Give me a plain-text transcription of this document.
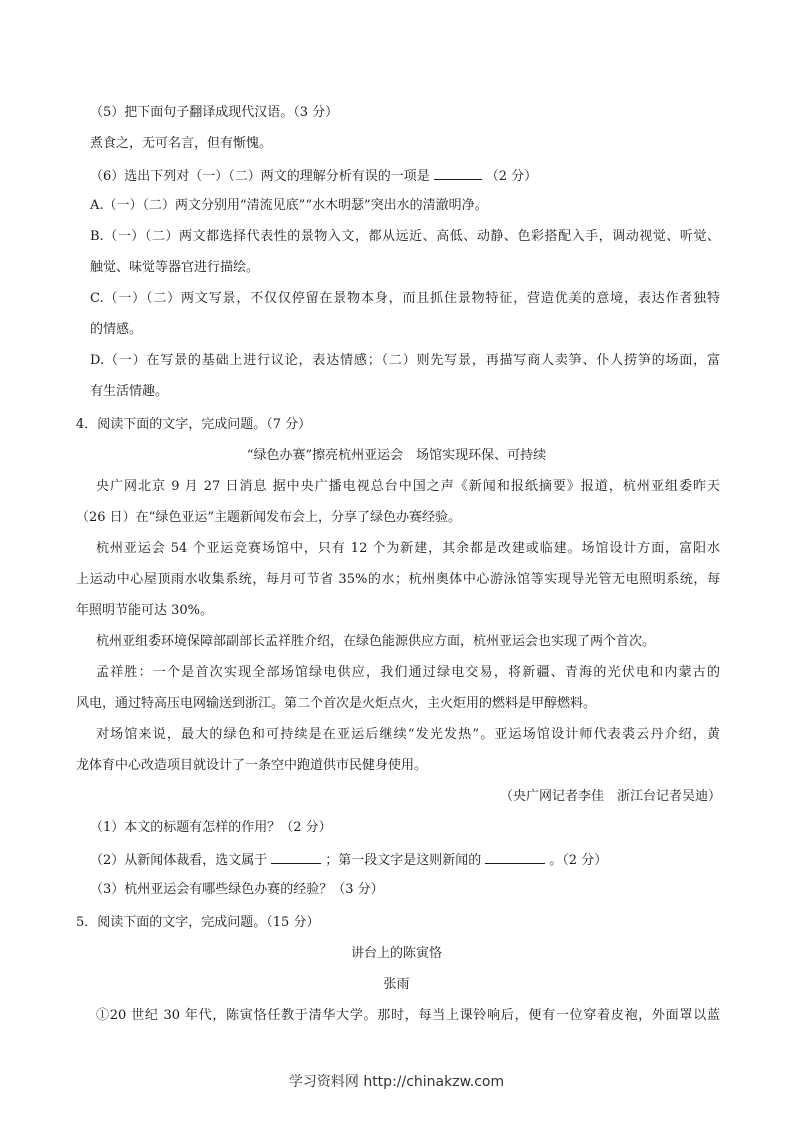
（5）把下面句子翻译成现代汉语。（3 分）
煮食之，无可名言，但有惭愧。
（6）选出下列对（一）（二）两文的理解分析有误的一项是	（2 分）
A.（一）（二）两文分别用“清流见底”“水木明瑟”突出水的清澈明净。
B.（一）（二）两文都选择代表性的景物入文，都从远近、高低、动静、色彩搭配入手，调动视觉、听觉、
触觉、味觉等器官进行描绘。
C.（一）（二）两文写景，不仅仅停留在景物本身，而且抓住景物特征，营造优美的意境，表达作者独特
的情感。
D.（一）在写景的基础上进行议论，表达情感；（二）则先写景，再描写商人卖笋、仆人捞笋的场面，富
有生活情趣。
4．阅读下面的文字，完成问题。（7 分）
“绿色办赛”擦亮杭州亚运会　场馆实现环保、可持续
央广网北京 9 月 27 日消息 据中央广播电视总台中国之声《新闻和报纸摘要》报道，杭州亚组委昨天
（26 日）在“绿色亚运”主题新闻发布会上，分享了绿色办赛经验。
杭州亚运会 54 个亚运竞赛场馆中，只有 12 个为新建，其余都是改建或临建。场馆设计方面，富阳水
上运动中心屋顶雨水收集系统，每月可节省 35%的水；杭州奥体中心游泳馆等实现导光管无电照明系统，每
年照明节能可达 30%。
杭州亚组委环境保障部副部长孟祥胜介绍，在绿色能源供应方面，杭州亚运会也实现了两个首次。
孟祥胜：一个是首次实现全部场馆绿电供应，我们通过绿电交易，将新疆、青海的光伏电和内蒙古的
风电，通过特高压电网输送到浙江。第二个首次是火炬点火，主火炬用的燃料是甲醇燃料。
对场馆来说，最大的绿色和可持续是在亚运后继续“发光发热”。亚运场馆设计师代表裘云丹介绍，黄
龙体育中心改造项目就设计了一条空中跑道供市民健身使用。
（央广网记者李佳　浙江台记者吴迪）
（1）本文的标题有怎样的作用？（2 分）
（2）从新闻体裁看，选文属于	；第一段文字是这则新闻的	。（2 分）
（3）杭州亚运会有哪些绿色办赛的经验？（3 分）
5．阅读下面的文字，完成问题。（15 分）
讲台上的陈寅恪
张雨
①20 世纪 30 年代，陈寅恪任教于清华大学。那时，每当上课铃响后，便有一位穿着皮袍，外面罩以蓝
学习资料网 http://chinakzw.com
